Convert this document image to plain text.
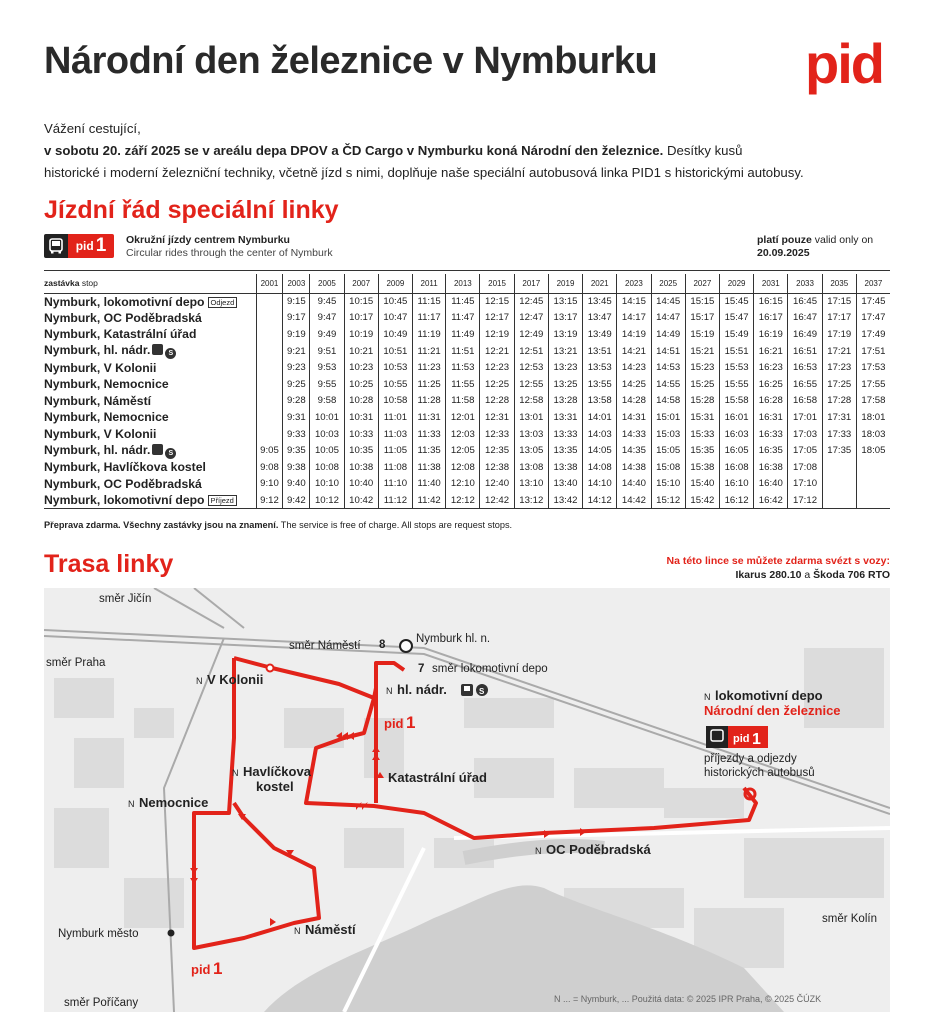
Národní den železnice v Nymburku	pid
Vážení cestující,
v sobotu 20. září 2025 se v areálu depa DPOV a ČD Cargo v Nymburku koná Národní den železnice. Desítky kusů
historické i moderní železniční techniky, včetně jízd s nimi, doplňuje naše speciální autobusová linka PID1 s historickými autobusy.
Jízdní řád speciální linky
pid 1 Okružní jízdy centrem Nymburku
Circular rides through the center of Nymburk
platí pouze valid only on
20.09.2025
zastávka stop	2001	2003	2005	2007	2009	2011	2013	2015	2017	2019	2021	2023	2025	2027	2029	2031	2033	2035	2037
Nymburk, lokomotivní depo Odjezd		9:15	9:45	10:15	10:45	11:15	11:45	12:15	12:45	13:15	13:45	14:15	14:45	15:15	15:45	16:15	16:45	17:15	17:45
Nymburk, OC Poděbradská		9:17	9:47	10:17	10:47	11:17	11:47	12:17	12:47	13:17	13:47	14:17	14:47	15:17	15:47	16:17	16:47	17:17	17:47
Nymburk, Katastrální úřad		9:19	9:49	10:19	10:49	11:19	11:49	12:19	12:49	13:19	13:49	14:19	14:49	15:19	15:49	16:19	16:49	17:19	17:49
Nymburk, hl. nádr. S		9:21	9:51	10:21	10:51	11:21	11:51	12:21	12:51	13:21	13:51	14:21	14:51	15:21	15:51	16:21	16:51	17:21	17:51
Nymburk, V Kolonii		9:23	9:53	10:23	10:53	11:23	11:53	12:23	12:53	13:23	13:53	14:23	14:53	15:23	15:53	16:23	16:53	17:23	17:53
Nymburk, Nemocnice		9:25	9:55	10:25	10:55	11:25	11:55	12:25	12:55	13:25	13:55	14:25	14:55	15:25	15:55	16:25	16:55	17:25	17:55
Nymburk, Náměstí		9:28	9:58	10:28	10:58	11:28	11:58	12:28	12:58	13:28	13:58	14:28	14:58	15:28	15:58	16:28	16:58	17:28	17:58
Nymburk, Nemocnice		9:31	10:01	10:31	11:01	11:31	12:01	12:31	13:01	13:31	14:01	14:31	15:01	15:31	16:01	16:31	17:01	17:31	18:01
Nymburk, V Kolonii		9:33	10:03	10:33	11:03	11:33	12:03	12:33	13:03	13:33	14:03	14:33	15:03	15:33	16:03	16:33	17:03	17:33	18:03
Nymburk, hl. nádr. S	9:05	9:35	10:05	10:35	11:05	11:35	12:05	12:35	13:05	13:35	14:05	14:35	15:05	15:35	16:05	16:35	17:05	17:35	18:05
Nymburk, Havlíčkova kostel	9:08	9:38	10:08	10:38	11:08	11:38	12:08	12:38	13:08	13:38	14:08	14:38	15:08	15:38	16:08	16:38	17:08		
Nymburk, OC Poděbradská	9:10	9:40	10:10	10:40	11:10	11:40	12:10	12:40	13:10	13:40	14:10	14:40	15:10	15:40	16:10	16:40	17:10		
Nymburk, lokomotivní depo Příjezd	9:12	9:42	10:12	10:42	11:12	11:42	12:12	12:42	13:12	13:42	14:12	14:42	15:12	15:42	16:12	16:42	17:12		
Přeprava zdarma. Všechny zastávky jsou na znamení. The service is free of charge. All stops are request stops.
Trasa linky	Na této lince se můžete zdarma svézt s vozy:
Ikarus 280.10 a Škoda 706 RTO
směr Jičín
směr Praha
směr Náměstí 8	Nymburk hl. n.
7 směr lokomotivní depo
N V Kolonii
N hl. nádr.
N Havlíčkova
kostel
Katastrální úřad
N Nemocnice
N OC Poděbradská
N Náměstí
Nymburk město
směr Poříčany
směr Kolín
N lokomotivní depo
Národní den železnice
příjezdy a odjezdy
historických autobusů
pid 1
pid 1
pid 1
S
N ... = Nymburk, ... Použitá data: © 2025 IPR Praha, © 2025 ČÚZK
